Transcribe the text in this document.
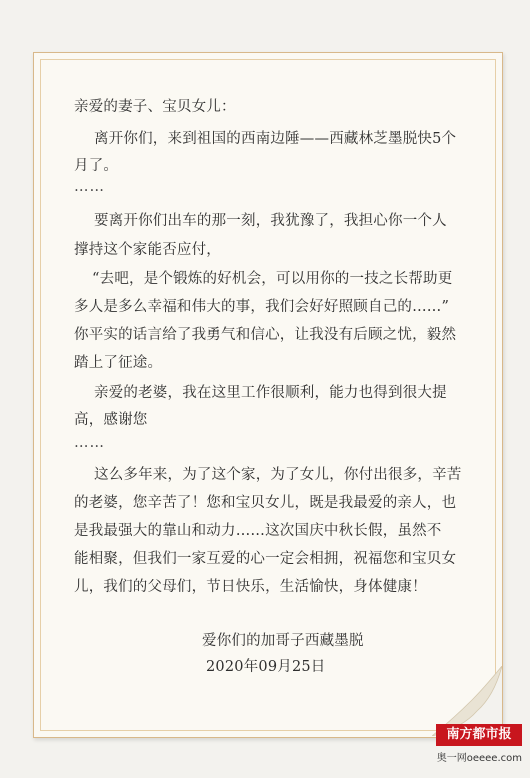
亲爱的妻子、宝贝女儿：
离开你们，来到祖国的西南边陲——西藏林芝墨脱快5个
月了。
……
要离开你们出车的那一刻，我犹豫了，我担心你一个人
撑持这个家能否应付，
“去吧，是个锻炼的好机会，可以用你的一技之长帮助更
多人是多么幸福和伟大的事，我们会好好照顾自己的……”
你平实的话言给了我勇气和信心，让我没有后顾之忧，毅然
踏上了征途。
亲爱的老婆，我在这里工作很顺利，能力也得到很大提
高，感谢您
……
这么多年来，为了这个家，为了女儿，你付出很多，辛苦
的老婆，您辛苦了！您和宝贝女儿，既是我最爱的亲人，也
是我最强大的靠山和动力……这次国庆中秋长假，虽然不
能相聚，但我们一家互爱的心一定会相拥，祝福您和宝贝女
儿，我们的父母们，节日快乐，生活愉快，身体健康！
爱你们的加哥子西藏墨脱
2020年09月25日
南方都市报
奥一网oeeee.com
